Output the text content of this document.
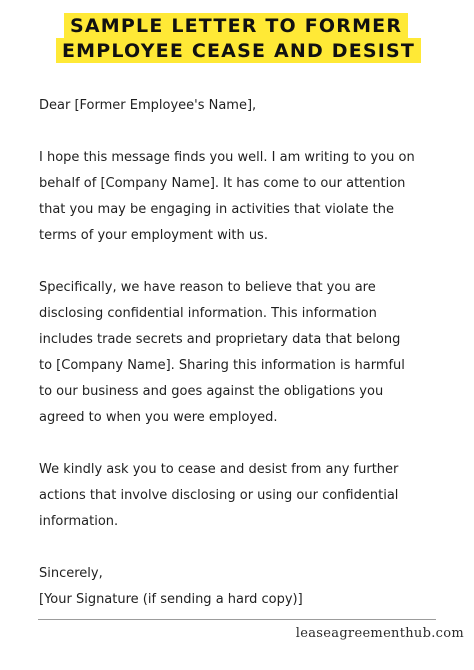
SAMPLE LETTER TO FORMER
EMPLOYEE CEASE AND DESIST

Dear [Former Employee's Name],

I hope this message finds you well. I am writing to you on
behalf of [Company Name]. It has come to our attention
that you may be engaging in activities that violate the
terms of your employment with us.

Specifically, we have reason to believe that you are
disclosing confidential information. This information
includes trade secrets and proprietary data that belong
to [Company Name]. Sharing this information is harmful
to our business and goes against the obligations you
agreed to when you were employed.

We kindly ask you to cease and desist from any further
actions that involve disclosing or using our confidential
information.

Sincerely,
[Your Signature (if sending a hard copy)]
leaseagreementhub.com
